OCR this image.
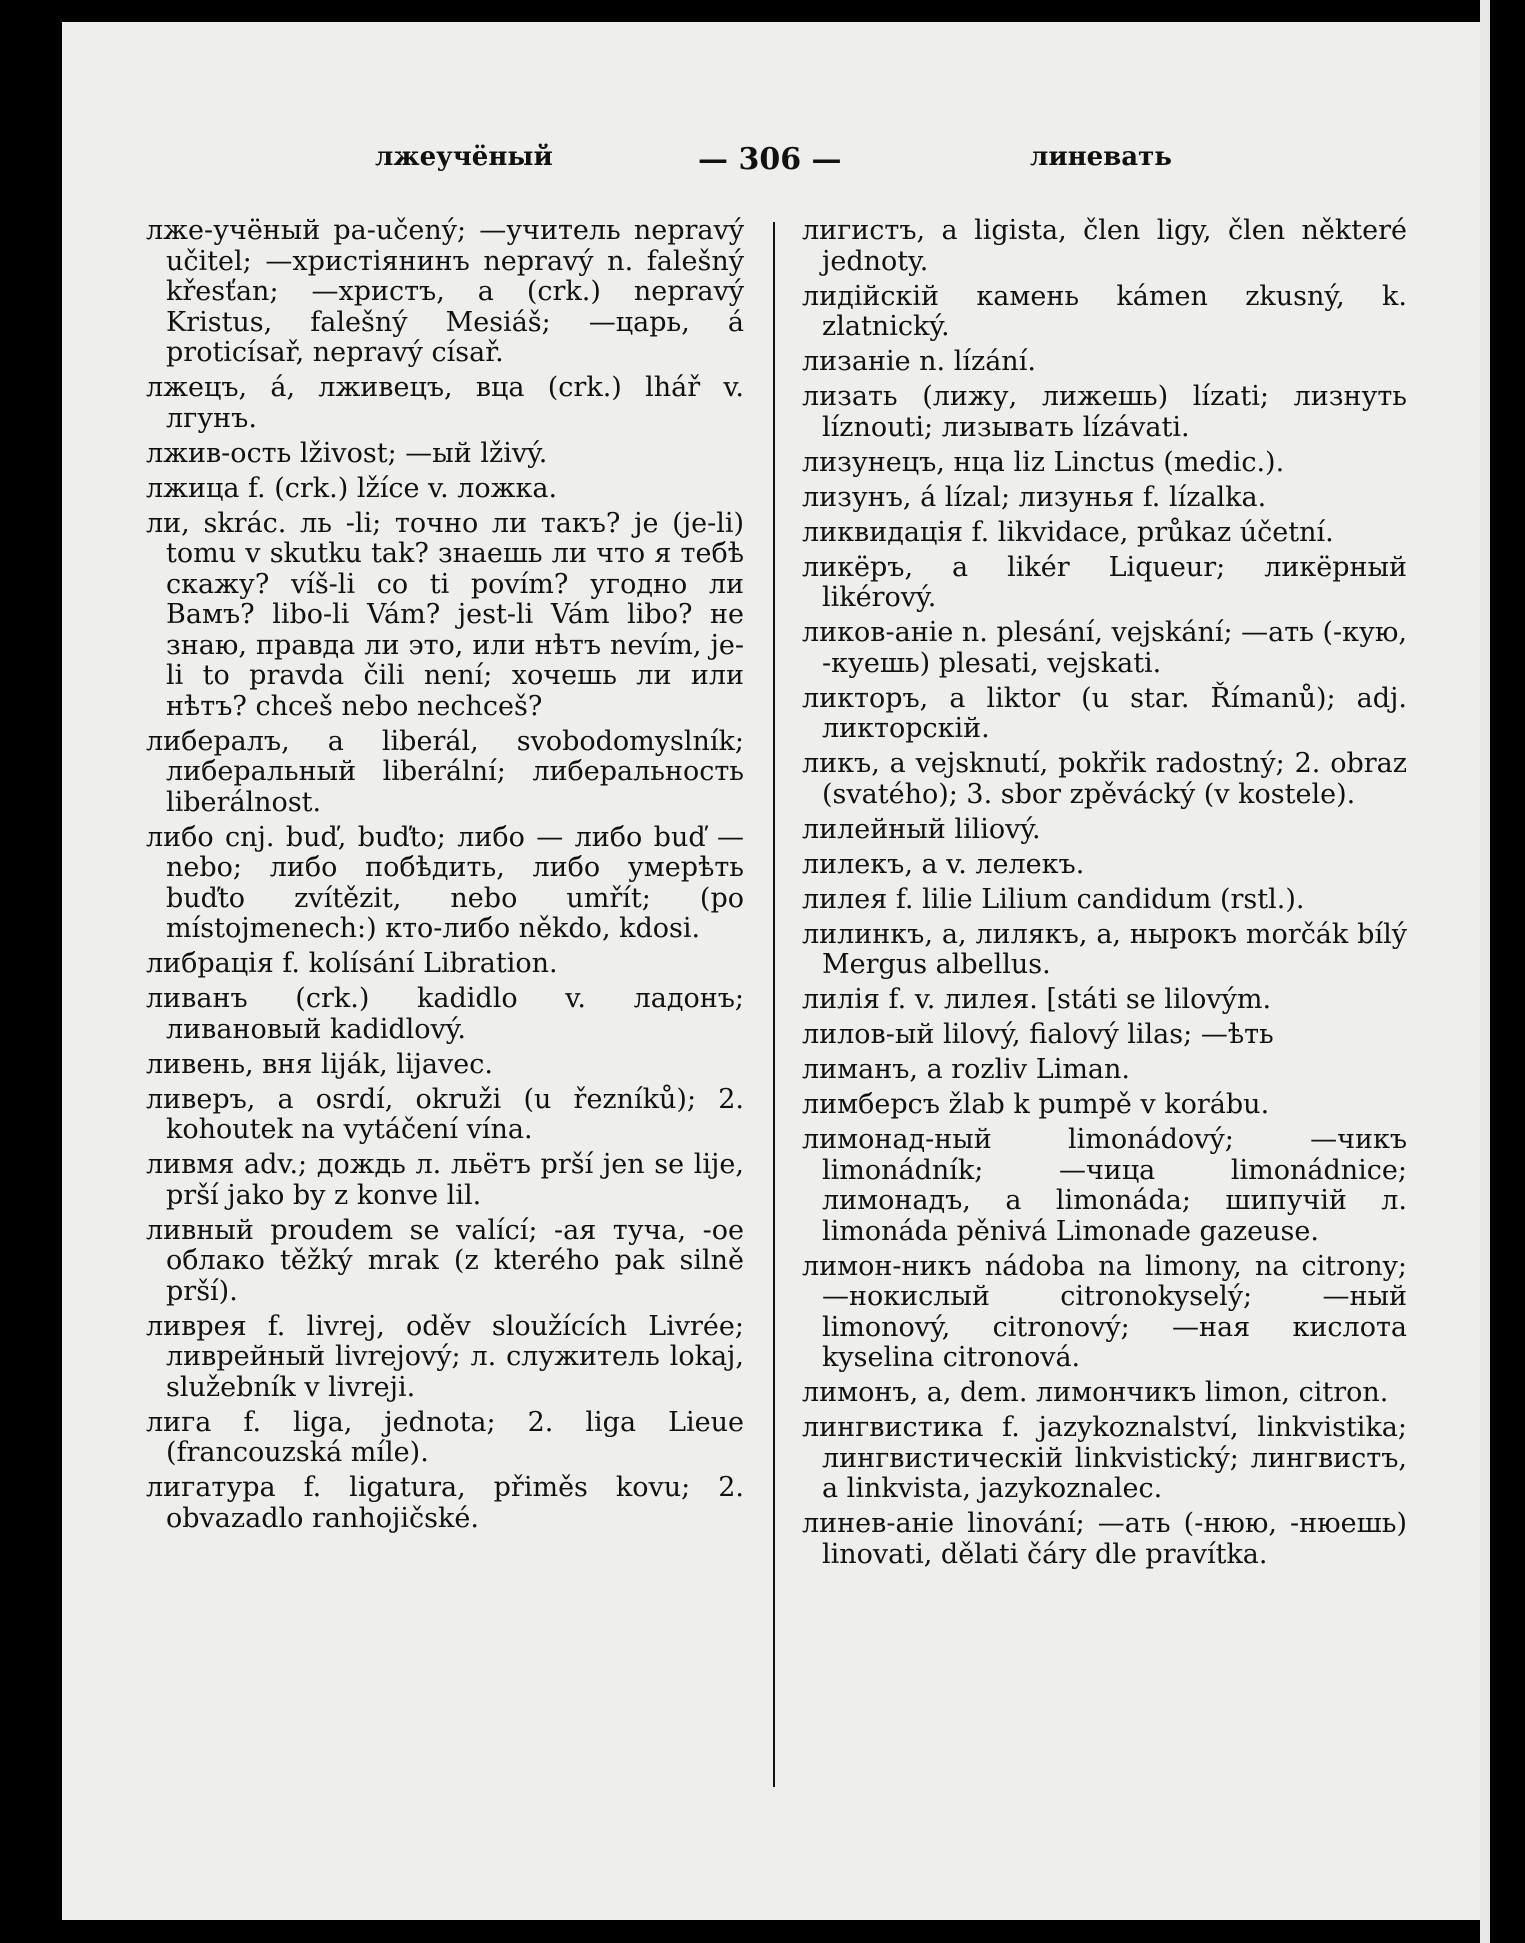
лжеучёный	— 306 —	линевать

лже-учёный pa-učený; —учитель nepravý učitel; —христіянинъ nepravý n. falešný křesťan; —христъ, а (crk.) nepravý Kristus, falešný Mesiáš; —царь, á proticísař, nepravý císař.

лжецъ, á, лживецъ, вца (crk.) lhář v. лгунъ.

лжив-ость lživost; —ый lživý.

лжица f. (crk.) lžíce v. ложка.

ли, skrác. ль -li; точно ли такъ? je (je-li) tomu v skutku tak? знаешь ли что я тебѣ скажу? víš-li co ti povím? угодно ли Вамъ? libo-li Vám? jest-li Vám libo? не знаю, правда ли это, или нѣтъ nevím, je-li to pravda čili není; хочешь ли или нѣтъ? chceš nebo nechceš?

либералъ, a liberál, svobodomyslník; либеральный liberální; либеральность liberálnost.

либо cnj. buď, buďto; либо — либо buď — nebo; либо побѣдить, либо умерѣть buďto zvítězit, nebo umřít; (po místojmenech:) кто-либо někdo, kdosi.

либрація f. kolísání Libration.

ливанъ (crk.) kadidlo v. ладонъ; ливановый kadidlový.

ливень, вня liják, lijavec.

ливеръ, a osrdí, okruži (u řezníků); 2. kohoutek na vytáčení vína.

ливмя adv.; дождь л. льётъ prší jen se lije, prší jako by z konve lil.

ливный proudem se valící; -ая туча, -ое облако těžký mrak (z kterého pak silně prší).

ливрея f. livrej, oděv sloužících Livrée; ливрейный livrejový; л. служитель lokaj, služebník v livreji.

лига f. liga, jednota; 2. liga Lieue (francouzská míle).

лигатура f. ligatura, přiměs kovu; 2. obvazadlo ranhojičské.

лигистъ, a ligista, člen ligy, člen některé jednoty.

лидійскій камень kámen zkusný, k. zlatnický.

лизаніе n. lízání.

лизать (лижу, лижешь) lízati; лизнуть líznouti; лизывать lízávati.

лизунецъ, нца liz Linctus (medic.).

лизунъ, á lízal; лизунья f. lízalka.

ликвидація f. likvidace, průkaz účetní.

ликёръ, a likér Liqueur; ликёрный likérový.

ликов-аніе n. plesání, vejskání; —ать (-кую, -куешь) plesati, vejskati.

ликторъ, a liktor (u star. Římanů); adj. ликторскій.

ликъ, a vejsknutí, pokřik radostný; 2. obraz (svatého); 3. sbor zpěvácký (v kostele).

лилейный liliový.

лилекъ, a v. лелекъ.

лилея f. lilie Lilium candidum (rstl.).

лилинкъ, a, лилякъ, a, нырокъ morčák bílý Mergus albellus.

лилія f. v. лилея. [státi se lilovým.

лилов-ый lilový, fialový lilas; —ѣть

лиманъ, a rozliv Liman.

лимберсъ žlab k pumpě v korábu.

лимонад-ный limonádový; —чикъ limonádník; —чица limonádnice; лимонадъ, a limonáda; шипучій л. limonáda pěnivá Limonade gazeuse.

лимон-никъ nádoba na limony, na citrony; —нокислый citronokyselý; —ный limonový, citronový; —ная кислота kyselina citronová.

лимонъ, a, dem. лимончикъ limon, citron.

лингвистика f. jazykoznalství, linkvistika; лингвистическій linkvistický; лингвистъ, a linkvista, jazykoznalec.

линев-аніе linování; —ать (-нюю, -нюешь) linovati, dělati čáry dle pravítka.
